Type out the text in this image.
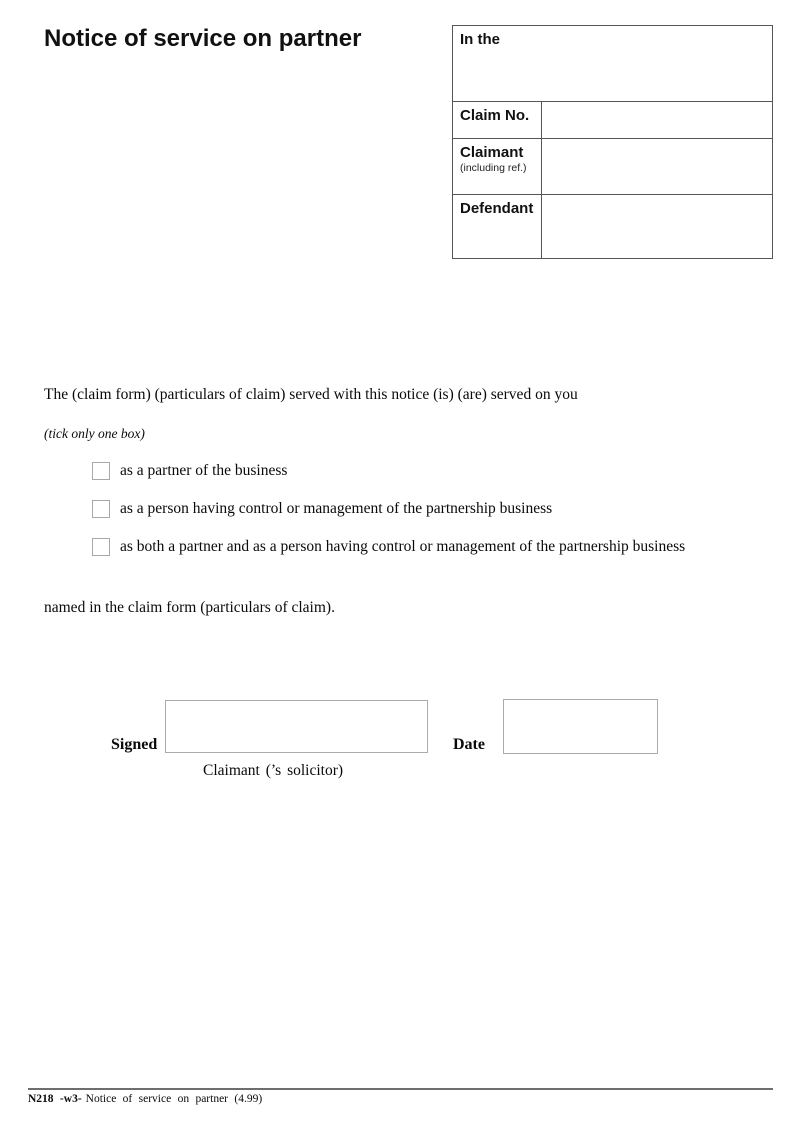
Notice of service on partner	In the
Claim No.
Claimant
(including ref.)
Defendant
The (claim form) (particulars of claim) served with this notice (is) (are) served on you
(tick only one box)
as a partner of the business
as a person having control or management of the partnership business
as both a partner and as a person having control or management of the partnership business
named in the claim form (particulars of claim).
Signed	Date
Claimant (’s solicitor)
N218 -w3- Notice of service on partner (4.99)
